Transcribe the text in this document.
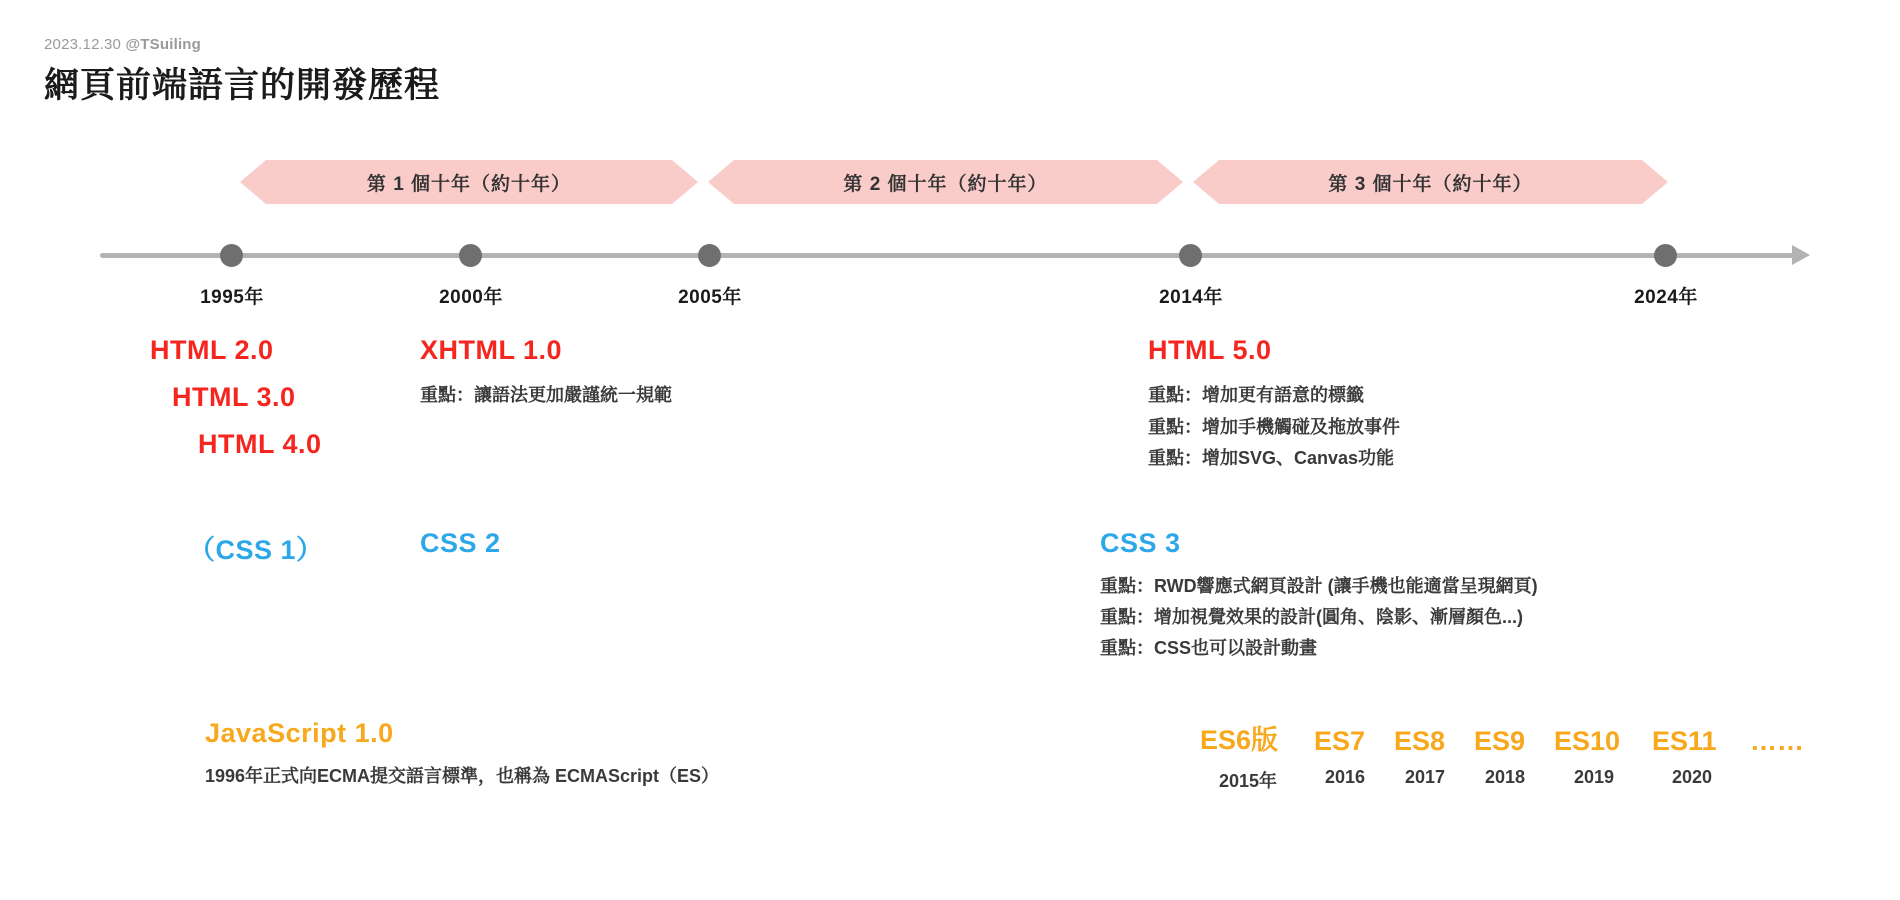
2023.12.30 @TSuiling
網頁前端語言的開發歷程
第 1 個十年（約十年）	第 2 個十年（約十年）	第 3 個十年（約十年）
1995年	2000年	2005年	2014年	2024年
HTML 2.0
HTML 3.0
HTML 4.0
XHTML 1.0
重點：讓語法更加嚴謹統一規範
HTML 5.0
重點：增加更有語意的標籤
重點：增加手機觸碰及拖放事件
重點：增加SVG、Canvas功能
（CSS 1）	CSS 2	CSS 3
重點：RWD響應式網頁設計 (讓手機也能適當呈現網頁)
重點：增加視覺效果的設計(圓角、陰影、漸層顏色...)
重點：CSS也可以設計動畫
JavaScript 1.0
1996年正式向ECMA提交語言標準，也稱為 ECMAScript（ES）
ES6版	ES7	ES8	ES9	ES10	ES11	……
2015年	2016	2017	2018	2019	2020
